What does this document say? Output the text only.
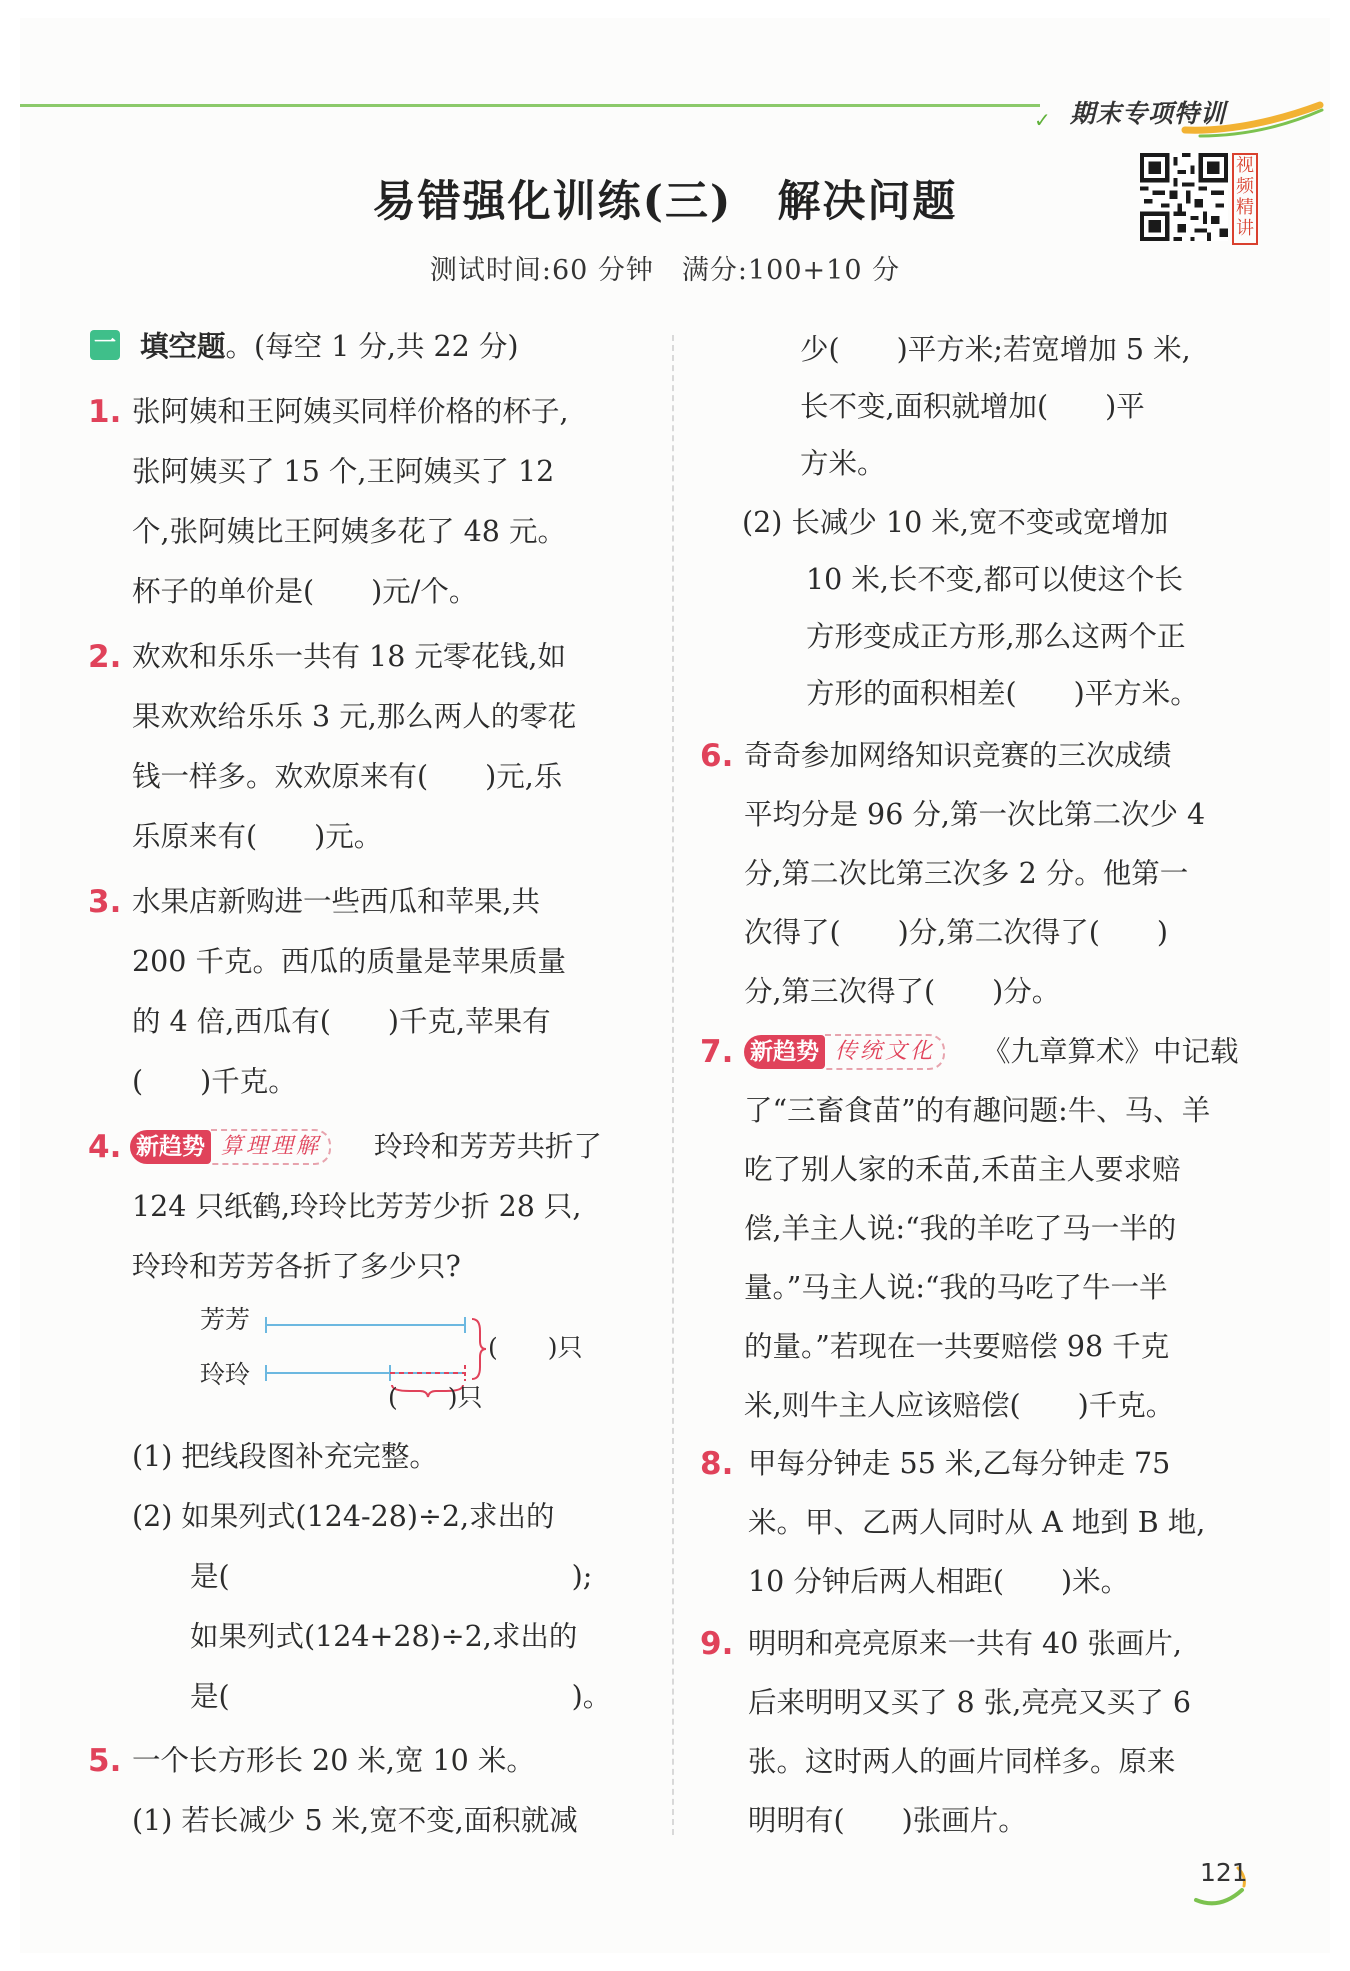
✓ 期末专项特训
易错强化训练(三)　解决问题
测试时间:60 分钟　满分:100+10 分
视频精讲
一 填空题。(每空 1 分,共 22 分)
1.
2.
3.
4.
5.
张阿姨和王阿姨买同样价格的杯子,
张阿姨买了 15 个,王阿姨买了 12
个,张阿姨比王阿姨多花了 48 元。
杯子的单价是(　　)元/个。
欢欢和乐乐一共有 18 元零花钱,如
果欢欢给乐乐 3 元,那么两人的零花
钱一样多。欢欢原来有(　　)元,乐
乐原来有(　　)元。
水果店新购进一些西瓜和苹果,共
200 千克。西瓜的质量是苹果质量
的 4 倍,西瓜有(　　)千克,苹果有
(　　)千克。
新趋势 算理理解	玲玲和芳芳共折了
124 只纸鹤,玲玲比芳芳少折 28 只,
玲玲和芳芳各折了多少只?
芳芳
玲玲
(　　)只
(　　)只
(1) 把线段图补充完整。
(2) 如果列式(124-28)÷2,求出的
是(　　　　　　　　　　　　);
如果列式(124+28)÷2,求出的
是(　　　　　　　　　　　　)。
一个长方形长 20 米,宽 10 米。
(1) 若长减少 5 米,宽不变,面积就减
6.
7.
8.
9.
少(　　)平方米;若宽增加 5 米,
长不变,面积就增加(　　)平
方米。
(2) 长减少 10 米,宽不变或宽增加
10 米,长不变,都可以使这个长
方形变成正方形,那么这两个正
方形的面积相差(　　)平方米。
奇奇参加网络知识竞赛的三次成绩
平均分是 96 分,第一次比第二次少 4
分,第二次比第三次多 2 分。他第一
次得了(　　)分,第二次得了(　　)
分,第三次得了(　　)分。
新趋势 传统文化	《九章算术》中记载
了“三畜食苗”的有趣问题:牛、马、羊
吃了别人家的禾苗,禾苗主人要求赔
偿,羊主人说:“我的羊吃了马一半的
量。”马主人说:“我的马吃了牛一半
的量。”若现在一共要赔偿 98 千克
米,则牛主人应该赔偿(　　)千克。
甲每分钟走 55 米,乙每分钟走 75
米。甲、乙两人同时从 A 地到 B 地,
10 分钟后两人相距(　　)米。
明明和亮亮原来一共有 40 张画片,
后来明明又买了 8 张,亮亮又买了 6
张。这时两人的画片同样多。原来
明明有(　　)张画片。
121
